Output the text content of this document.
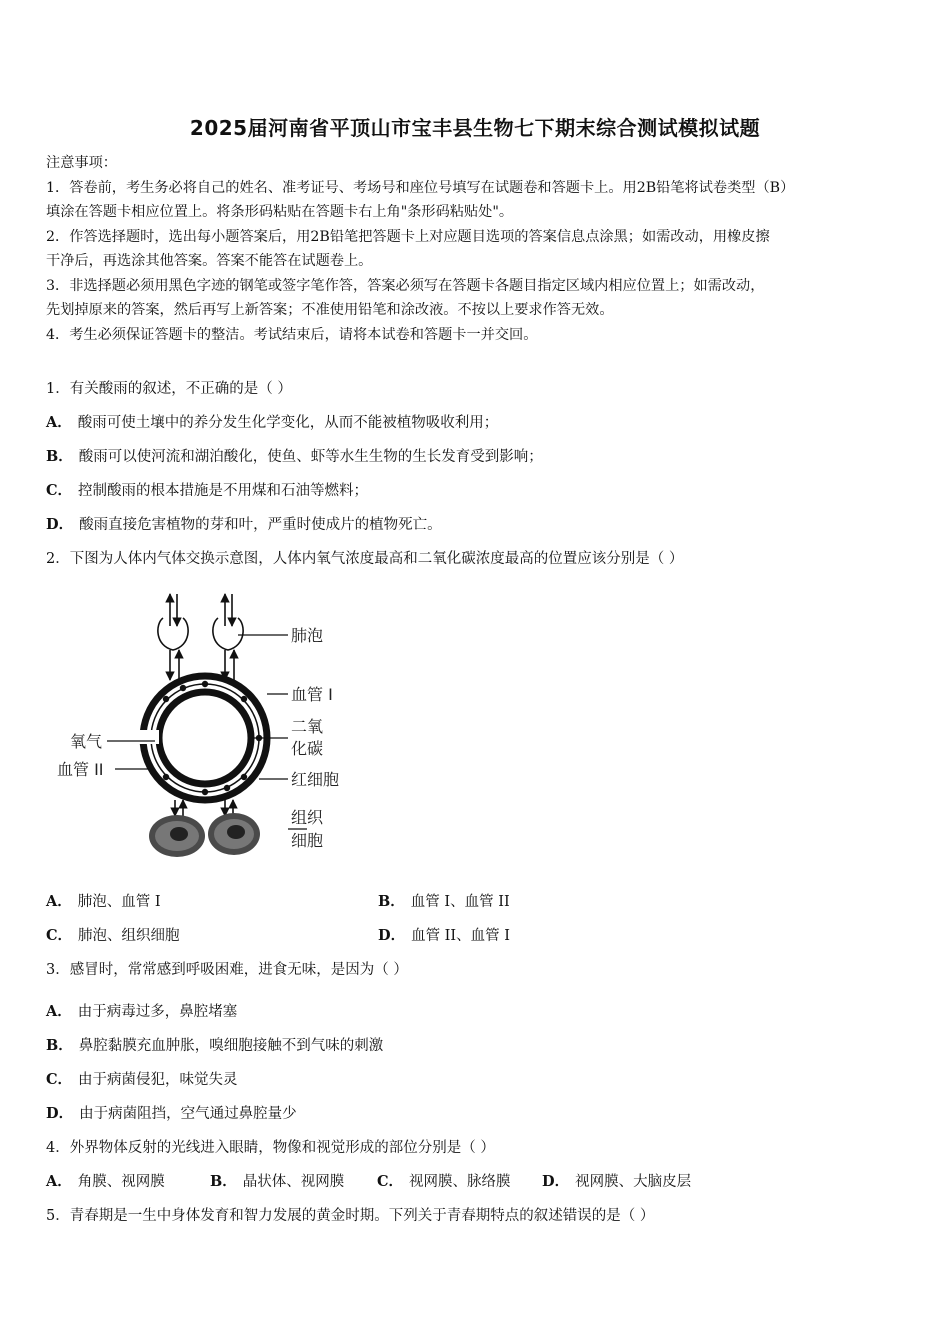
2025届河南省平顶山市宝丰县生物七下期末综合测试模拟试题
注意事项：
1．答卷前，考生务必将自己的姓名、准考证号、考场号和座位号填写在试题卷和答题卡上。用2B铅笔将试卷类型（B）
填涂在答题卡相应位置上。将条形码粘贴在答题卡右上角"条形码粘贴处"。
2．作答选择题时，选出每小题答案后，用2B铅笔把答题卡上对应题目选项的答案信息点涂黑；如需改动，用橡皮擦
干净后，再选涂其他答案。答案不能答在试题卷上。
3．非选择题必须用黑色字迹的钢笔或签字笔作答，答案必须写在答题卡各题目指定区域内相应位置上；如需改动，
先划掉原来的答案，然后再写上新答案；不准使用铅笔和涂改液。不按以上要求作答无效。
4．考生必须保证答题卡的整洁。考试结束后，请将本试卷和答题卡一并交回。
1．有关酸雨的叙述，不正确的是（ ）
A． 酸雨可使土壤中的养分发生化学变化，从而不能被植物吸收利用；
B． 酸雨可以使河流和湖泊酸化，使鱼、虾等水生生物的生长发育受到影响；
C． 控制酸雨的根本措施是不用煤和石油等燃料；
D． 酸雨直接危害植物的芽和叶，严重时使成片的植物死亡。
2．下图为人体内气体交换示意图，人体内氧气浓度最高和二氧化碳浓度最高的位置应该分别是（ ）
肺泡
血管 I
二氧
化碳
红细胞
组织
细胞
氧气
血管 II
A． 肺泡、血管 I	B． 血管 I、血管 II
C． 肺泡、组织细胞	D． 血管 II、血管 I
3．感冒时，常常感到呼吸困难，进食无味，是因为（ ）
A． 由于病毒过多，鼻腔堵塞
B． 鼻腔黏膜充血肿胀，嗅细胞接触不到气味的刺激
C． 由于病菌侵犯，味觉失灵
D． 由于病菌阻挡，空气通过鼻腔量少
4．外界物体反射的光线进入眼睛，物像和视觉形成的部位分别是（ ）
A． 角膜、视网膜	B． 晶状体、视网膜 C． 视网膜、脉络膜 D． 视网膜、大脑皮层
5．青春期是一生中身体发育和智力发展的黄金时期。下列关于青春期特点的叙述错误的是（ ）
